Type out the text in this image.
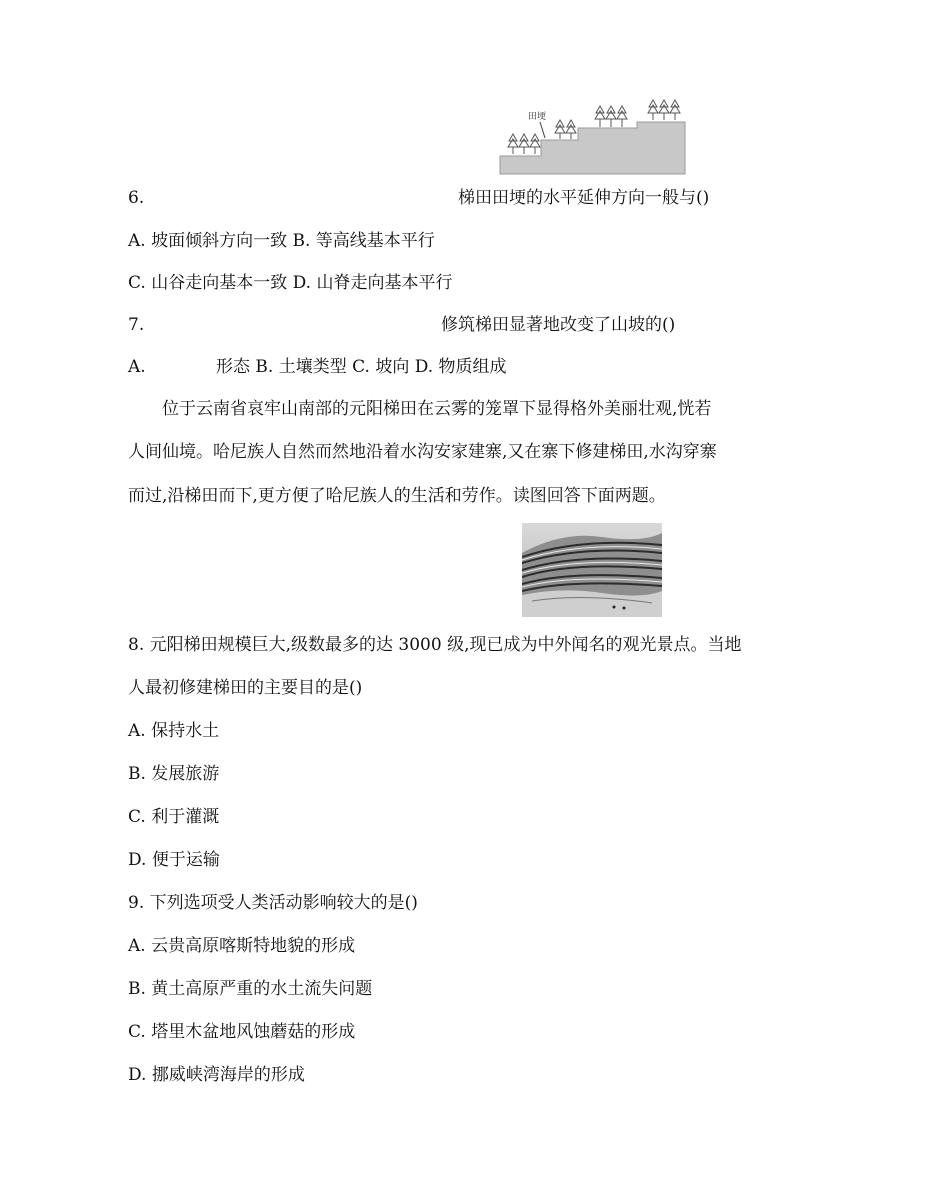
田埂
6.	梯田田埂的水平延伸方向一般与()
A. 坡面倾斜方向一致 B. 等高线基本平行
C. 山谷走向基本一致 D. 山脊走向基本平行
7.	修筑梯田显著地改变了山坡的()
A.	形态 B. 土壤类型 C. 坡向 D. 物质组成
位于云南省哀牢山南部的元阳梯田在云雾的笼罩下显得格外美丽壮观,恍若
人间仙境。哈尼族人自然而然地沿着水沟安家建寨,又在寨下修建梯田,水沟穿寨
而过,沿梯田而下,更方便了哈尼族人的生活和劳作。读图回答下面两题。
8. 元阳梯田规模巨大,级数最多的达 3000 级,现已成为中外闻名的观光景点。当地
人最初修建梯田的主要目的是()
A. 保持水土
B. 发展旅游
C. 利于灌溉
D. 便于运输
9. 下列选项受人类活动影响较大的是()
A. 云贵高原喀斯特地貌的形成
B. 黄土高原严重的水土流失问题
C. 塔里木盆地风蚀蘑菇的形成
D. 挪威峡湾海岸的形成
